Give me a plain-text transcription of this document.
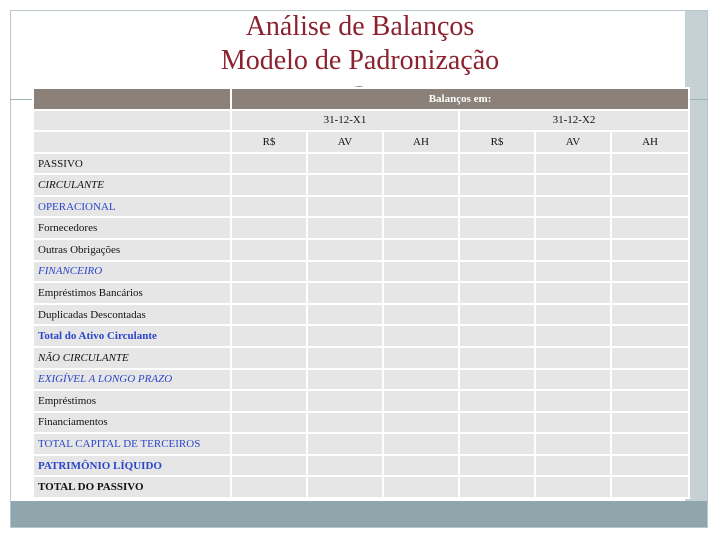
Análise de Balanços
Modelo de Padronização
	Balanços em:					
	31-12-X1			31-12-X2		
	R$	AV	AH	R$	AV	AH
PASSIVO						
CIRCULANTE						
OPERACIONAL						
Fornecedores						
Outras Obrigações						
FINANCEIRO						
Empréstimos Bancários						
Duplicadas Descontadas						
Total do Ativo Circulante						
NÃO CIRCULANTE						
EXIGÍVEL A LONGO PRAZO						
Empréstimos						
Financiamentos						
TOTAL CAPITAL DE TERCEIROS						
PATRIMÔNIO LÍQUIDO						
TOTAL DO PASSIVO						
